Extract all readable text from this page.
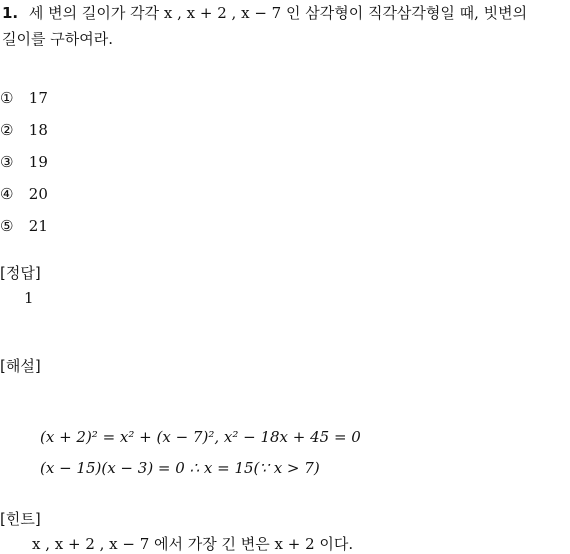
1. 세 변의 길이가 각각 x , x + 2 , x − 7 인 삼각형이 직각삼각형일 때, 빗변의
길이를 구하여라.
① 17
② 18
③ 19
④ 20
⑤ 21
[정답]
1
[해설]
(x + 2)² = x² + (x − 7)², x² − 18x + 45 = 0
(x − 15)(x − 3) = 0 ∴ x = 15(∵ x > 7)
[힌트]
x , x + 2 , x − 7 에서 가장 긴 변은 x + 2 이다.
